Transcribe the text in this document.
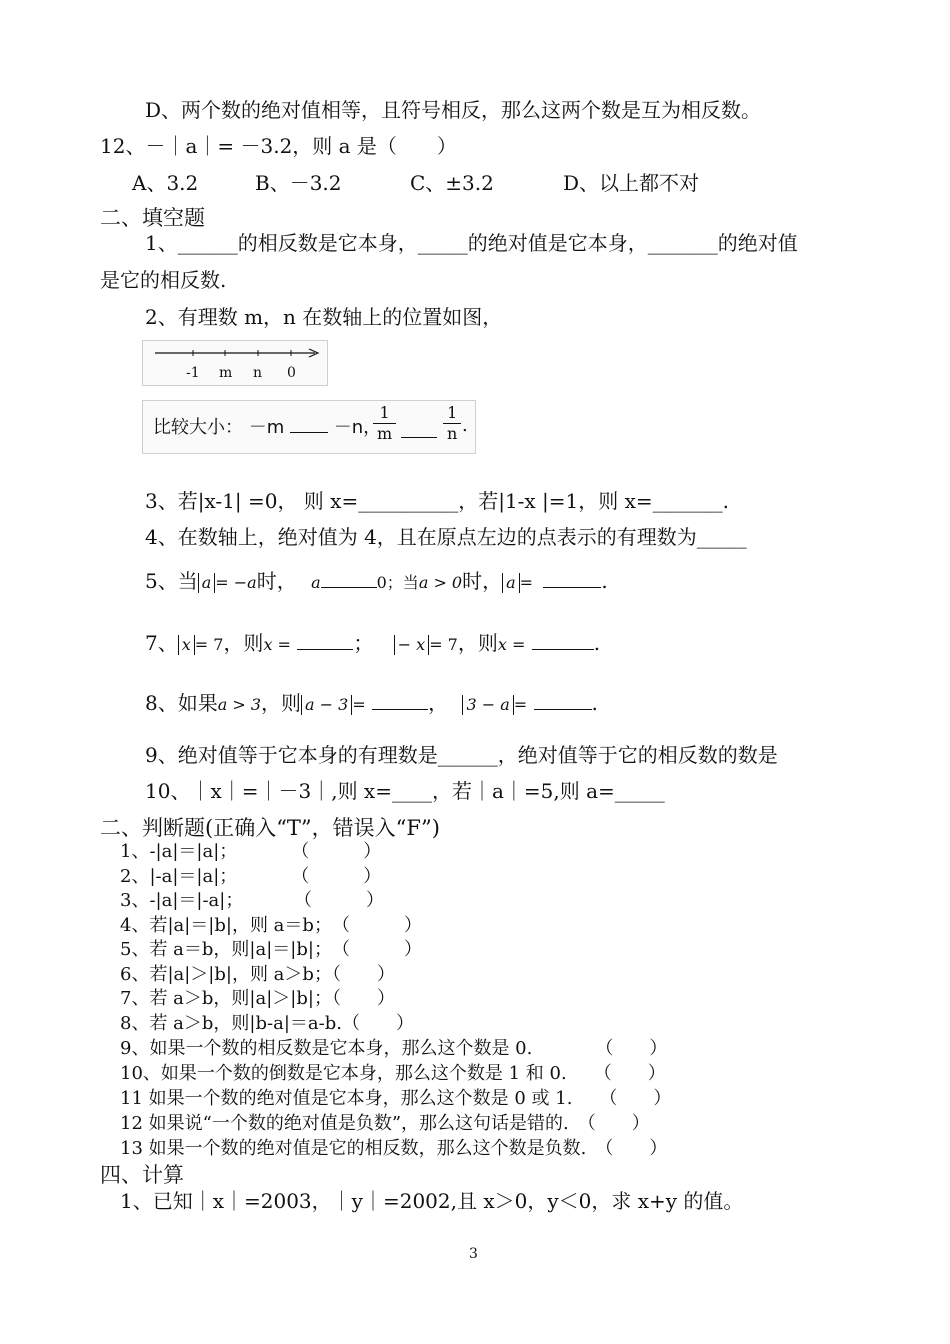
D、两个数的绝对值相等，且符号相反，那么这两个数是互为相反数。
12、－｜a｜= －3.2，则 a 是（　　）
A、3.2	B、－3.2	C、±3.2	D、以上都不对
二、填空题
1、______的相反数是它本身，_____的绝对值是它本身，_______的绝对值
是它的相反数.
2、有理数 m，n 在数轴上的位置如图，
-1 m n 0
比较大小： －m	－n，
$\frac{1}{m}$	$\frac{1}{n}$ .
3、若|x-1| =0， 则 x=__________，若|1-x |=1，则 x=_______.
4、在数轴上，绝对值为 4，且在原点左边的点表示的有理数为_____
5、当 a = −a时， a	0；当a > 0时， a =	.
7、 x = 7，则x =	； − x = 7，则x =	.
8、如果a > 3，则 a − 3 =	， 3 − a =	.
9、绝对值等于它本身的有理数是______，绝对值等于它的相反数的数是
10、｜x｜=｜－3｜,则 x=____，若｜a｜=5,则 a=_____
二、判断题(正确入“T”，错误入“F”)
1、-|a|＝|a|；　　　　（　　　）
2、|-a|＝|a|；　　　　（　　　）
3、-|a|＝|-a|；　　　 （　　　）
4、若|a|＝|b|，则 a＝b；　（　　　）
5、若 a＝b，则|a|＝|b|；　（　　　）
6、若|a|＞|b|，则 a＞b；（　　）
7、若 a＞b，则|a|＞|b|；（　　）
8、若 a＞b，则|b-a|＝a-b.（　　）
9、如果一个数的相反数是它本身，那么这个数是 0.　　　　（　　）
10、如果一个数的倒数是它本身，那么这个数是 1 和 0.　　（　　）
11 如果一个数的绝对值是它本身，那么这个数是 0 或 1.　　（　　）
12 如果说“一个数的绝对值是负数”，那么这句话是错的.　（　　）
13 如果一个数的绝对值是它的相反数，那么这个数是负数.　（　　）
四、计算
1、已知｜x｜=2003，｜y｜=2002,且 x＞0，y＜0，求 x+y 的值。
3
